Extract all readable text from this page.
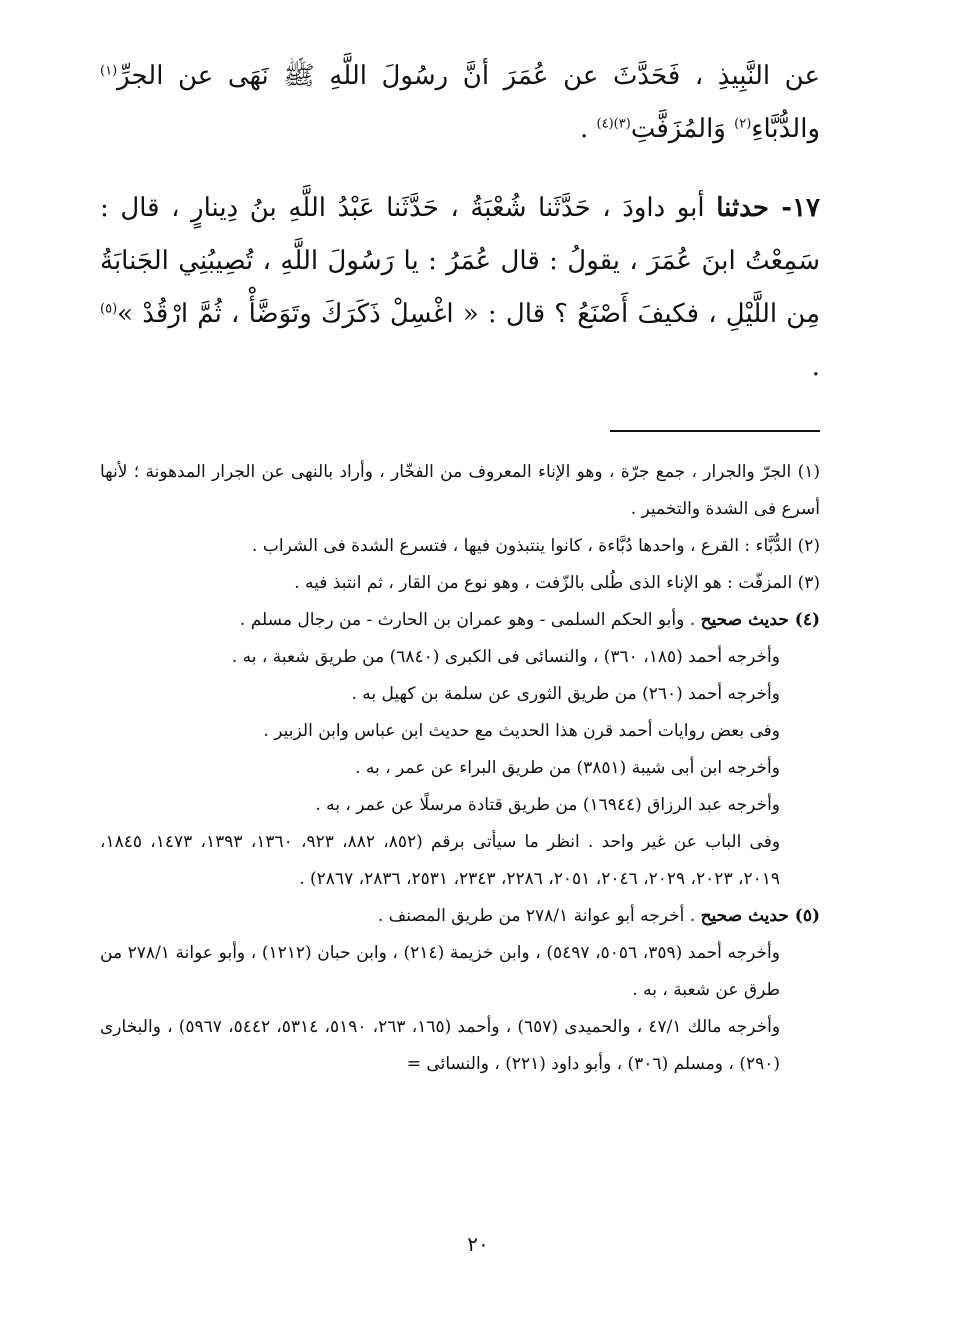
عن النَّبِيذِ ، فَحَدَّثَ عن عُمَرَ أنَّ رسُولَ اللَّهِ ﷺ نَهَى عن الجرِّ$^{(١)}$ والدُّبَّاءِ$^{(٢)}$ وَالمُزَفَّتِ$^{(٣)(٤)}$ .

١٧- حدثنا أبو داودَ ، حَدَّثَنا شُعْبَةُ ، حَدَّثَنا عَبْدُ اللَّهِ بنُ دِينارٍ ، قال : سَمِعْتُ ابنَ عُمَرَ ، يقولُ : قال عُمَرُ : يا رَسُولَ اللَّهِ ، تُصِيبُنِي الجَنابَةُ مِن اللَّيْلِ ، فكيفَ أَصْنَعُ ؟ قال : « اغْسِلْ ذَكَرَكَ وتَوَضَّأْ ، ثُمَّ ارْقُدْ »$^{(٥)}$ .

(١) الجرّ والجرار ، جمع جرّة ، وهو الإناء المعروف من الفخّار ، وأراد بالنهى عن الجرار المدهونة ؛ لأنها أسرع فى الشدة والتخمير .

(٢) الدُّبَّاء : القرع ، واحدها دُبَّاءة ، كانوا ينتبذون فيها ، فتسرع الشدة فى الشراب .

(٣) المزفّت : هو الإناء الذى طُلى بالزّفت ، وهو نوع من القار ، ثم انتبذ فيه .

(٤) حديث صحيح . وأبو الحكم السلمى - وهو عمران بن الحارث - من رجال مسلم .

وأخرجه أحمد (١٨٥، ٣٦٠) ، والنسائى فى الكبرى (٦٨٤٠) من طريق شعبة ، به .

وأخرجه أحمد (٢٦٠) من طريق الثورى عن سلمة بن كهيل به .

وفى بعض روايات أحمد قرن هذا الحديث مع حديث ابن عباس وابن الزبير .

وأخرجه ابن أبى شيبة (٣٨٥١) من طريق البراء عن عمر ، به .

وأخرجه عبد الرزاق (١٦٩٤٤) من طريق قتادة مرسلًا عن عمر ، به .

وفى الباب عن غير واحد . انظر ما سيأتى برقم (٨٥٢، ٨٨٢، ٩٢٣، ١٣٦٠، ١٣٩٣، ١٤٧٣، ١٨٤٥، ٢٠١٩، ٢٠٢٣، ٢٠٢٩، ٢٠٤٦، ٢٠٥١، ٢٢٨٦، ٢٣٤٣، ٢٥٣١، ٢٨٣٦، ٢٨٦٧) .

(٥) حديث صحيح . أخرجه أبو عوانة ٢٧٨/١ من طريق المصنف .

وأخرجه أحمد (٣٥٩، ٥٠٥٦، ٥٤٩٧) ، وابن خزيمة (٢١٤) ، وابن حبان (١٢١٢) ، وأبو عوانة ٢٧٨/١ من طرق عن شعبة ، به .

وأخرجه مالك ٤٧/١ ، والحميدى (٦٥٧) ، وأحمد (١٦٥، ٢٦٣، ٥١٩٠، ٥٣١٤، ٥٤٤٢، ٥٩٦٧) ، والبخارى (٢٩٠) ، ومسلم (٣٠٦) ، وأبو داود (٢٢١) ، والنسائى =

٢٠
